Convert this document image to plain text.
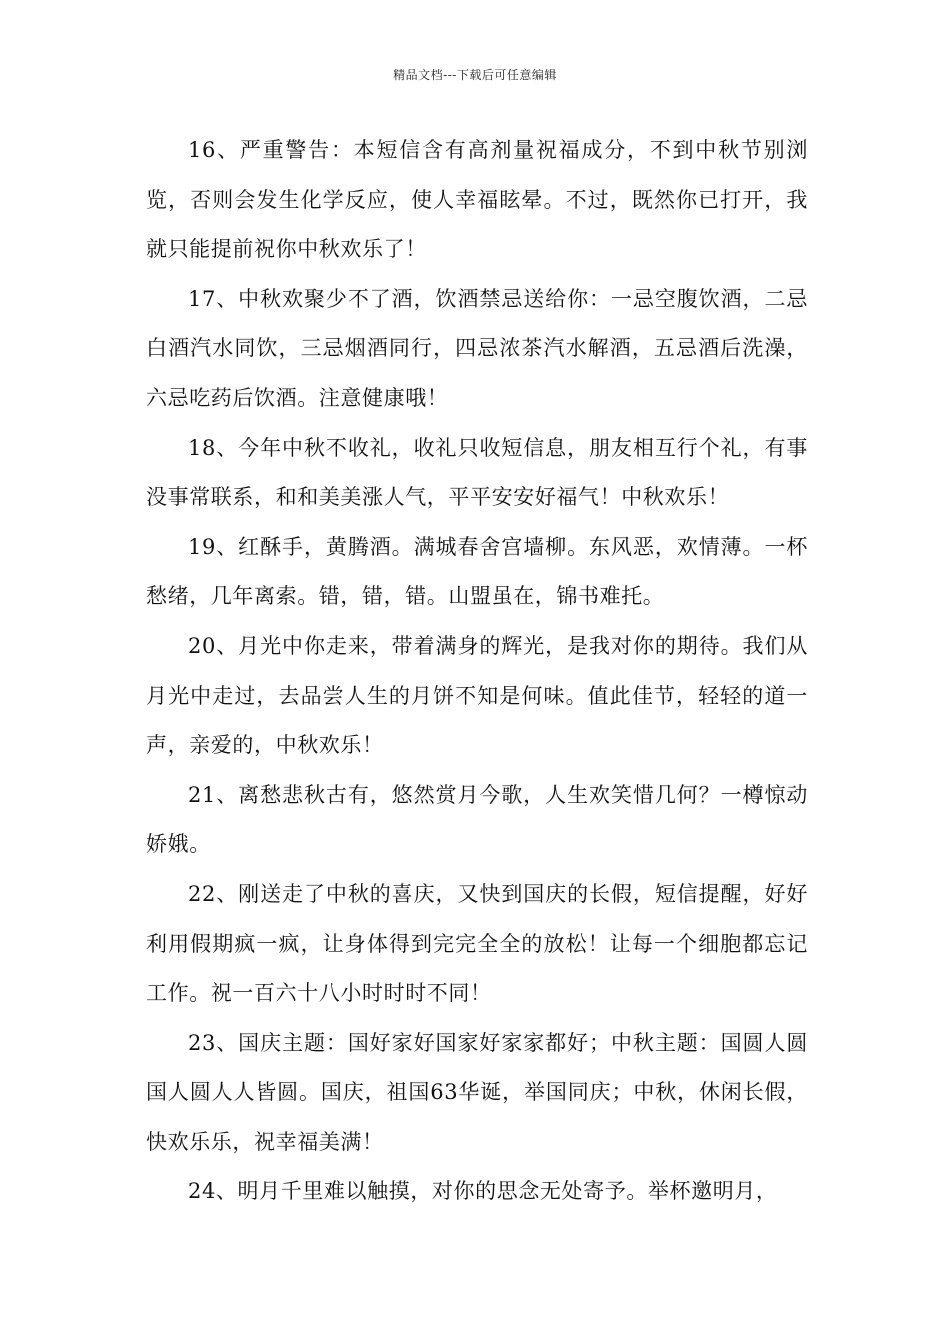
精品文档---下载后可任意编辑

16、严重警告：本短信含有高剂量祝福成分，不到中秋节别浏览，否则会发生化学反应，使人幸福眩晕。不过，既然你已打开，我就只能提前祝你中秋欢乐了！

17、中秋欢聚少不了酒，饮酒禁忌送给你：一忌空腹饮酒，二忌白酒汽水同饮，三忌烟酒同行，四忌浓茶汽水解酒，五忌酒后洗澡，六忌吃药后饮酒。注意健康哦！

18、今年中秋不收礼，收礼只收短信息，朋友相互行个礼，有事没事常联系，和和美美涨人气，平平安安好福气！中秋欢乐！

19、红酥手，黄腾酒。满城春舍宫墙柳。东风恶，欢情薄。一杯愁绪，几年离索。错，错，错。山盟虽在，锦书难托。

20、月光中你走来，带着满身的辉光，是我对你的期待。我们从月光中走过，去品尝人生的月饼不知是何味。值此佳节，轻轻的道一声，亲爱的，中秋欢乐！

21、离愁悲秋古有，悠然赏月今歌，人生欢笑惜几何？一樽惊动娇娥。

22、刚送走了中秋的喜庆，又快到国庆的长假，短信提醒，好好利用假期疯一疯，让身体得到完完全全的放松！让每一个细胞都忘记工作。祝一百六十八小时时时不同！

23、国庆主题：国好家好国家好家家都好；中秋主题：国圆人圆国人圆人人皆圆。国庆，祖国63华诞，举国同庆；中秋，休闲长假，快欢乐乐，祝幸福美满！

24、明月千里难以触摸，对你的思念无处寄予。举杯邀明月，
